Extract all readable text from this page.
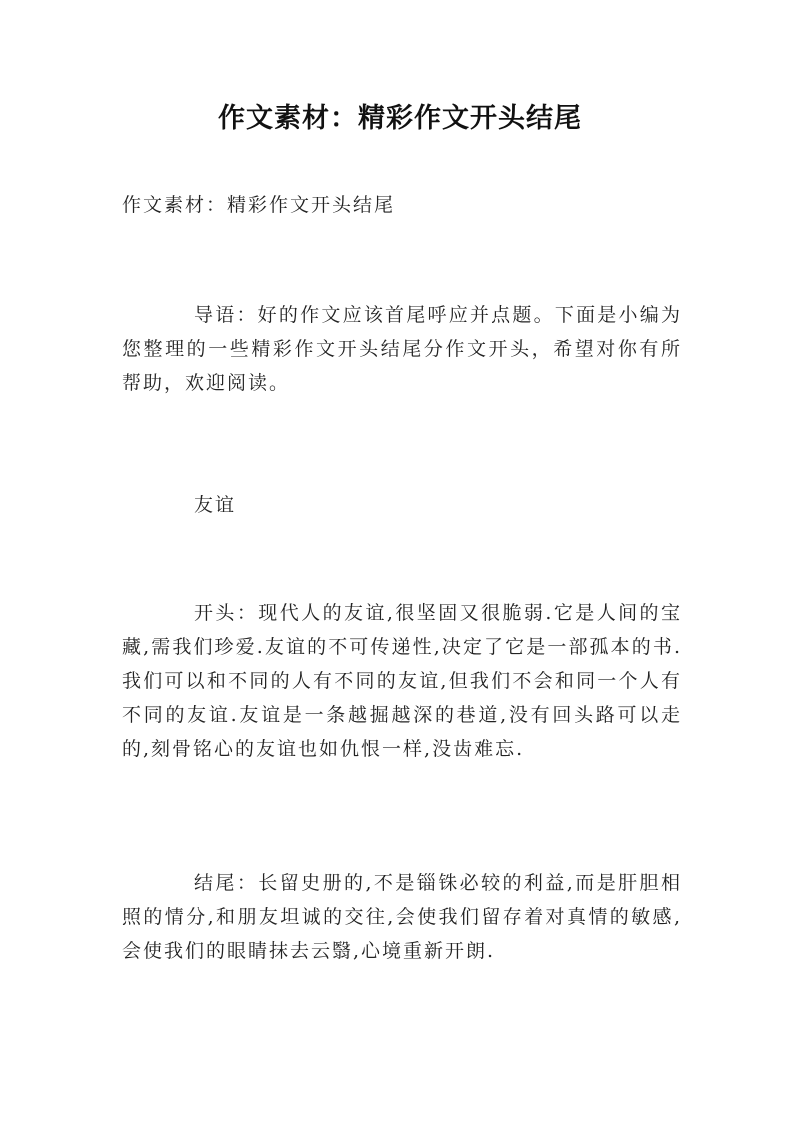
作文素材：精彩作文开头结尾
作文素材：精彩作文开头结尾
导语：好的作文应该首尾呼应并点题。下面是小编为您整理的一些精彩作文开头结尾分作文开头，希望对你有所帮助，欢迎阅读。
友谊
开头：现代人的友谊,很坚固又很脆弱.它是人间的宝藏,需我们珍爱.友谊的不可传递性,决定了它是一部孤本的书.我们可以和不同的人有不同的友谊,但我们不会和同一个人有不同的友谊.友谊是一条越掘越深的巷道,没有回头路可以走的,刻骨铭心的友谊也如仇恨一样,没齿难忘.
结尾：长留史册的,不是锱铢必较的利益,而是肝胆相照的情分,和朋友坦诚的交往,会使我们留存着对真情的敏感,会使我们的眼睛抹去云翳,心境重新开朗.
